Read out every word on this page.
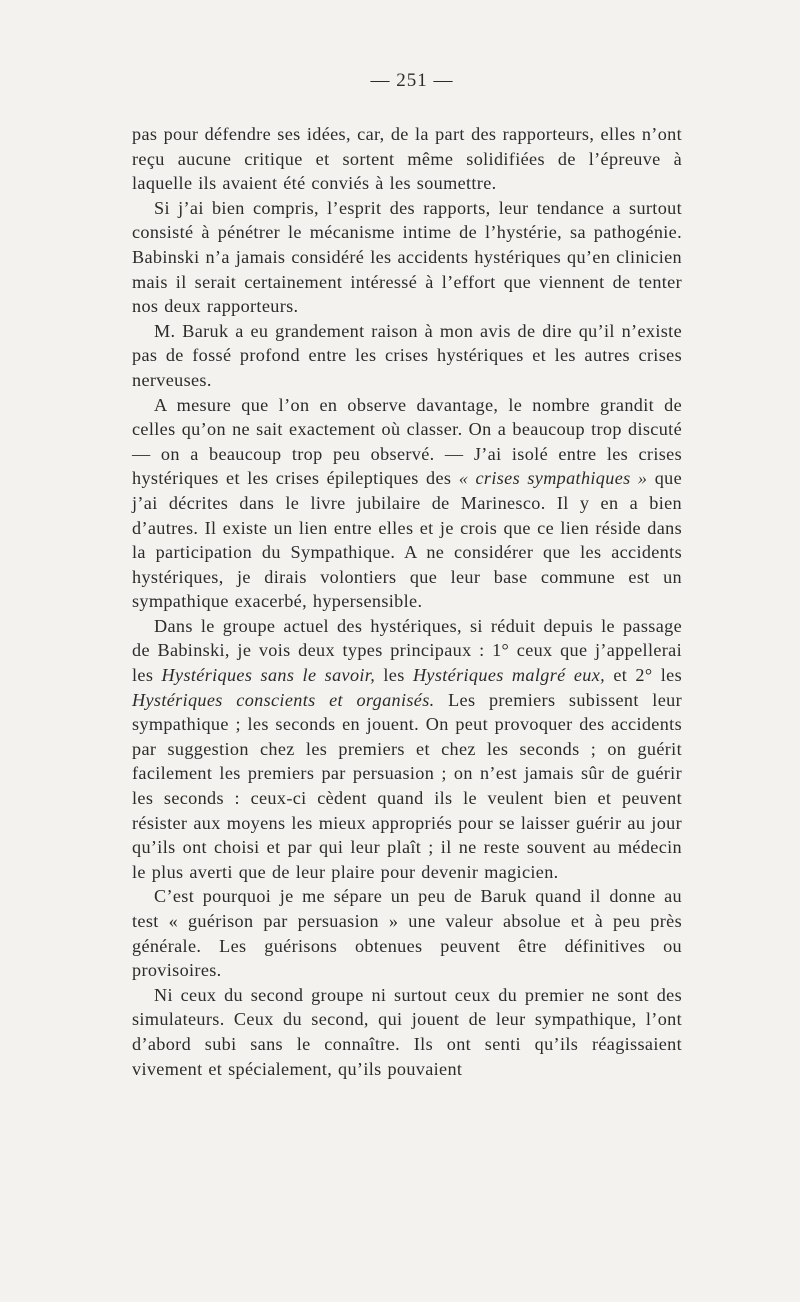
— 251 —

pas pour défendre ses idées, car, de la part des rapporteurs, elles n’ont reçu aucune critique et sortent même solidifiées de l’épreuve à laquelle ils avaient été conviés à les soumettre.

Si j’ai bien compris, l’esprit des rapports, leur tendance a surtout consisté à pénétrer le mécanisme intime de l’hystérie, sa pathogénie. Babinski n’a jamais considéré les accidents hystériques qu’en clinicien mais il serait certainement intéressé à l’effort que viennent de tenter nos deux rapporteurs.

M. Baruk a eu grandement raison à mon avis de dire qu’il n’existe pas de fossé profond entre les crises hystériques et les autres crises nerveuses.

A mesure que l’on en observe davantage, le nombre grandit de celles qu’on ne sait exactement où classer. On a beaucoup trop discuté — on a beaucoup trop peu observé. — J’ai isolé entre les crises hystériques et les crises épileptiques des « crises sympathiques » que j’ai décrites dans le livre jubilaire de Marinesco. Il y en a bien d’autres. Il existe un lien entre elles et je crois que ce lien réside dans la participation du Sympathique. A ne considérer que les accidents hystériques, je dirais volontiers que leur base commune est un sympathique exacerbé, hypersensible.

Dans le groupe actuel des hystériques, si réduit depuis le passage de Babinski, je vois deux types principaux : 1° ceux que j’appellerai les Hystériques sans le savoir, les Hystériques malgré eux, et 2° les Hystériques conscients et organisés. Les premiers subissent leur sympathique ; les seconds en jouent. On peut provoquer des accidents par suggestion chez les premiers et chez les seconds ; on guérit facilement les premiers par persuasion ; on n’est jamais sûr de guérir les seconds : ceux-ci cèdent quand ils le veulent bien et peuvent résister aux moyens les mieux appropriés pour se laisser guérir au jour qu’ils ont choisi et par qui leur plaît ; il ne reste souvent au médecin le plus averti que de leur plaire pour devenir magicien.

C’est pourquoi je me sépare un peu de Baruk quand il donne au test « guérison par persuasion » une valeur absolue et à peu près générale. Les guérisons obtenues peuvent être définitives ou provisoires.

Ni ceux du second groupe ni surtout ceux du premier ne sont des simulateurs. Ceux du second, qui jouent de leur sympathique, l’ont d’abord subi sans le connaître. Ils ont senti qu’ils réagissaient vivement et spécialement, qu’ils pouvaient
